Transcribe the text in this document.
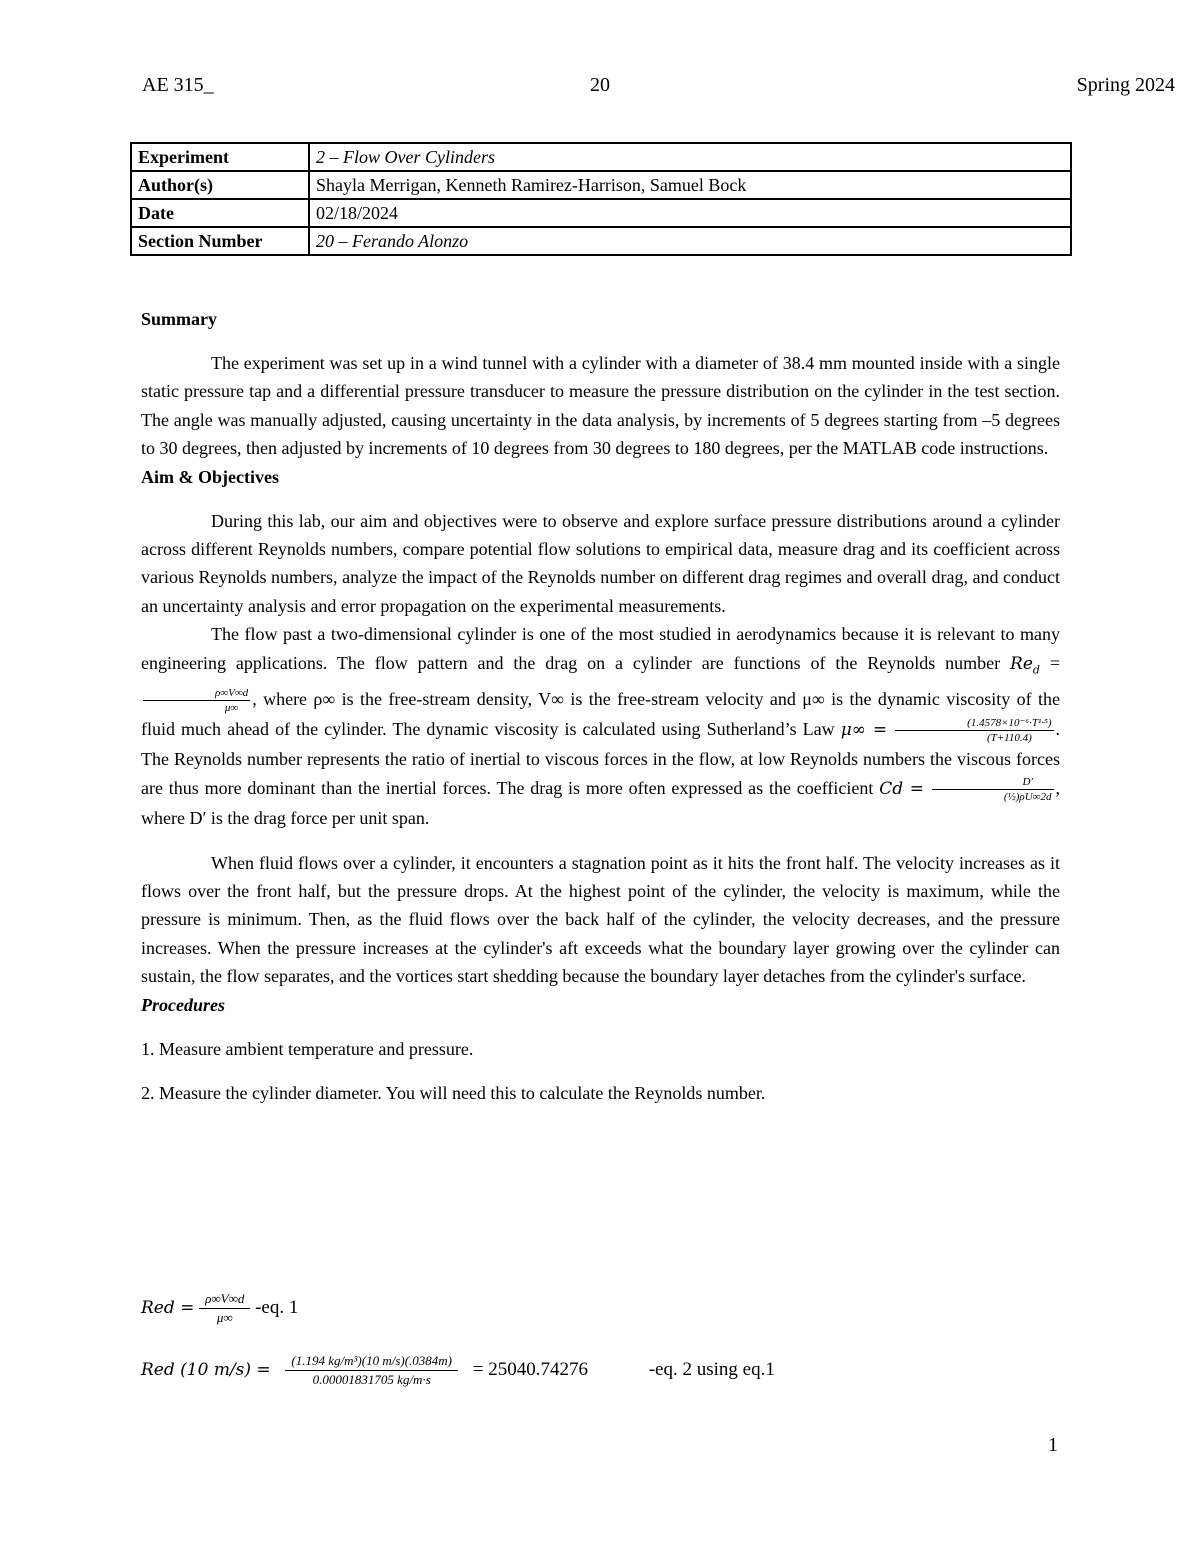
AE 315_	20	Spring 2024
Experiment	2 – Flow Over Cylinders
Author(s)	Shayla Merrigan, Kenneth Ramirez-Harrison, Samuel Bock
Date	02/18/2024
Section Number	20 – Ferando Alonzo
Summary

The experiment was set up in a wind tunnel with a cylinder with a diameter of 38.4 mm mounted inside with a single static pressure tap and a differential pressure transducer to measure the pressure distribution on the cylinder in the test section. The angle was manually adjusted, causing uncertainty in the data analysis, by increments of 5 degrees starting from –5 degrees to 30 degrees, then adjusted by increments of 10 degrees from 30 degrees to 180 degrees, per the MATLAB code instructions.

Aim & Objectives

During this lab, our aim and objectives were to observe and explore surface pressure distributions around a cylinder across different Reynolds numbers, compare potential flow solutions to empirical data, measure drag and its coefficient across various Reynolds numbers, analyze the impact of the Reynolds number on different drag regimes and overall drag, and conduct an uncertainty analysis and error propagation on the experimental measurements.

The flow past a two-dimensional cylinder is one of the most studied in aerodynamics because it is relevant to many engineering applications. The flow pattern and the drag on a cylinder are functions of the Reynolds number $Re_d$ =
$\frac{\rho\infty V\infty d}{\mu\infty}$ , where ρ∞ is the free-stream density, V∞ is the free-stream velocity and μ∞ is the dynamic viscosity of the fluid much ahead of the cylinder. The dynamic viscosity is calculated using Sutherland’s Law $\mu\infty = \frac{\text{(1.4578×10⁻⁶·T¹·⁵)}}{(T+110.4)}$ . The Reynolds number represents the ratio of inertial to viscous forces in the flow, at low Reynolds numbers the viscous forces are thus more dominant than the inertial forces. The drag is more often expressed as the coefficient $Cd = \frac{D'}{\text{(½)ρU∞2d}}$ , where D′ is the drag force per unit span.

When fluid flows over a cylinder, it encounters a stagnation point as it hits the front half. The velocity increases as it flows over the front half, but the pressure drops. At the highest point of the cylinder, the velocity is maximum, while the pressure is minimum. Then, as the fluid flows over the back half of the cylinder, the velocity decreases, and the pressure increases. When the pressure increases at the cylinder's aft exceeds what the boundary layer growing over the cylinder can sustain, the flow separates, and the vortices start shedding because the boundary layer detaches from the cylinder's surface.

Procedures

1. Measure ambient temperature and pressure.

2. Measure the cylinder diameter. You will need this to calculate the Reynolds number.

Red = $\frac{\rho\infty V\infty d}{\mu\infty} -eq$. 1
Red (10 $m/s) = \frac{\text{(1.194 kg/m³)(10 m/s)(.0384m)}}{0.00001831705 kg/m\cdot s} = 25040.74276$	-eq. 2 using eq.1
1
